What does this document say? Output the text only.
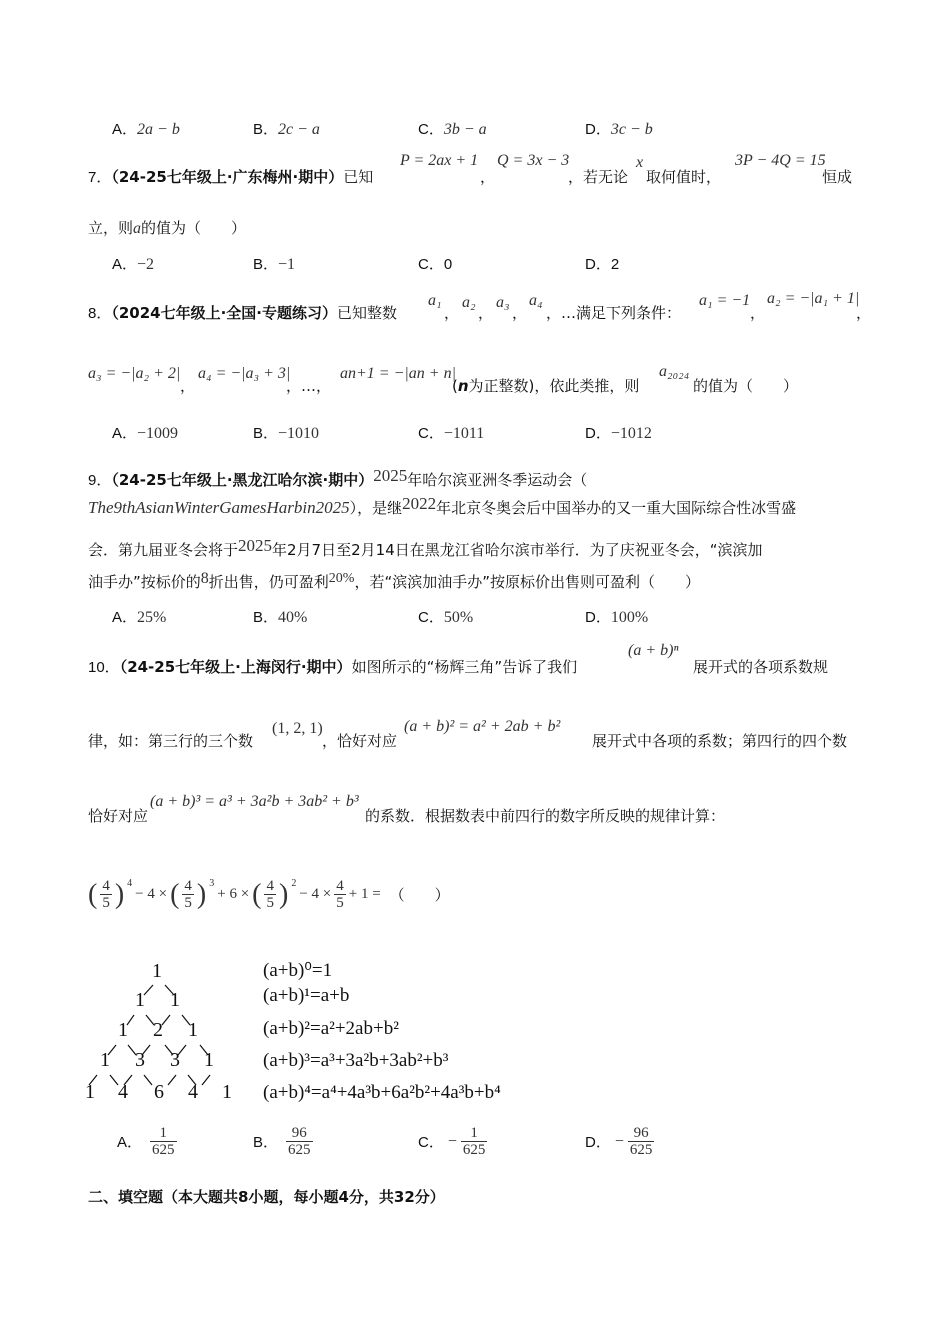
A．2a − b	B．2c − a	C．3b − a	D．3c − b
7．（24-25七年级上·广东梅州·期中）已知
P = 2ax + 1
，
Q = 3x − 3
，若无论
x
取何值时，
3P − 4Q = 15
恒成
立，则a的值为（　　）
A．−2	B．−1	C．0	D．2
8．（2024七年级上·全国·专题练习）已知整数
a₁
，
a₂
，
a₃
，
a₄
，…满足下列条件：
a₁ = −1
，
a₂ = −|a₁ + 1|
，
a₃ = −|a₂ + 2|
，
a₄ = −|a₃ + 3|
，…，
an+1 = −|an + n|
(n为正整数)，依此类推，则
a₂₀₂₄
的值为（　　）
A．−1009	B．−1010	C．−1011	D．−1012
9．（24-25七年级上·黑龙江哈尔滨·期中）2025年哈尔滨亚洲冬季运动会（
The9thAsianWinterGamesHarbin2025），是继2022年北京冬奥会后中国举办的又一重大国际综合性冰雪盛
会．第九届亚冬会将于2025年2月7日至2月14日在黑龙江省哈尔滨市举行．为了庆祝亚冬会，“滨滨加
油手办”按标价的8折出售，仍可盈利20%，若“滨滨加油手办”按原标价出售则可盈利（　　）
A．25%	B．40%	C．50%	D．100%
10．（24-25七年级上·上海闵行·期中）如图所示的“杨辉三角”告诉了我们
(a + b)ⁿ
展开式的各项系数规
律，如：第三行的三个数
(1, 2, 1)
，恰好对应
(a + b)² = a² + 2ab + b²
展开式中各项的系数；第四行的四个数
恰好对应
(a + b)³ = a³ + 3a²b + 3ab² + b³
的系数．根据数表中前四行的数字所反映的规律计算：
( $\frac{4}{5}$ ) $^4$
− 4 × ( $\frac{4}{5}$ ) $^3$
+ 6 × ( $\frac{4}{5}$ ) $^2$
− $4 \times \frac{4}{5} + 1$ = （　　）
1
1 1
1 2 1
1 3 3 1
1 4 6 4 1
(a+b)⁰=1
(a+b)¹=a+b
(a+b)²=a²+2ab+b²
(a+b)³=a³+3a²b+3ab²+b³
(a+b)⁴=a⁴+4a³b+6a²b²+4a³b+b⁴
A． $\frac{1}{625}$	B． $\frac{96}{625}$	C． − $\frac{1}{625}$	D． − $\frac{96}{625}$
二、填空题（本大题共8小题，每小题4分，共32分）
